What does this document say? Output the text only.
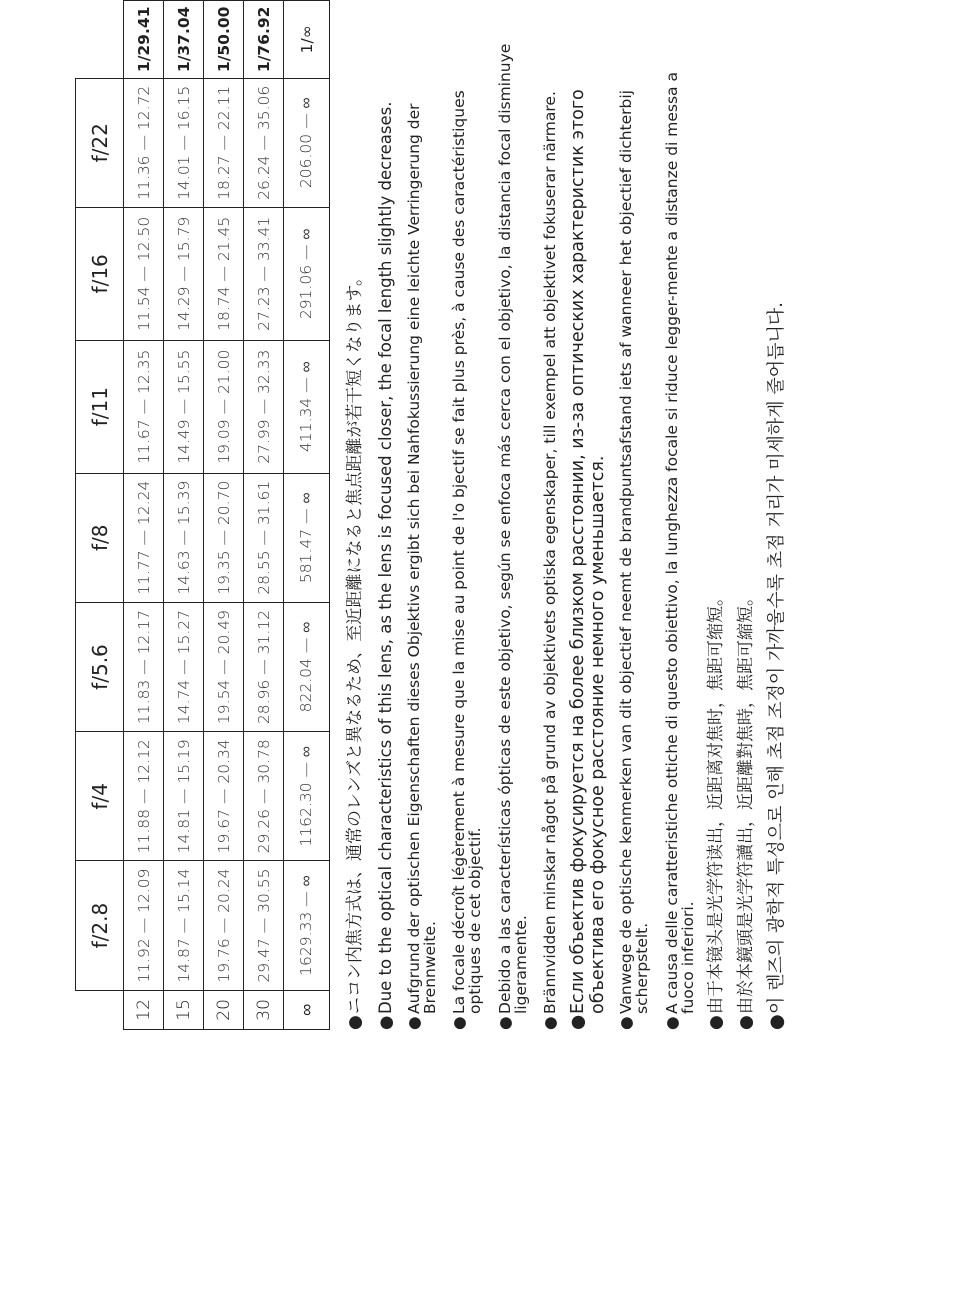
	f/2.8	f/4	f/5.6	f/8	f/11	f/16	f/22	
12	11.92 — 12.09	11.88 — 12.12	11.83 — 12.17	11.77 — 12.24	11.67 — 12.35	11.54 — 12.50	11.36 — 12.72	1/29.41
15	14.87 — 15.14	14.81 — 15.19	14.74 — 15.27	14.63 — 15.39	14.49 — 15.55	14.29 — 15.79	14.01 — 16.15	1/37.04
20	19.76 — 20.24	19.67 — 20.34	19.54 — 20.49	19.35 — 20.70	19.09 — 21.00	18.74 — 21.45	18.27 — 22.11	1/50.00
30	29.47 — 30.55	29.26 — 30.78	28.96 — 31.12	28.55 — 31.61	27.99 — 32.33	27.23 — 33.41	26.24 — 35.06	1/76.92
∞	1629.33 — ∞	1162.30 — ∞	822.04 — ∞	581.47 — ∞	411.34 — ∞	291.06 — ∞	206.00 — ∞	1/∞
●
ニコン内焦方式は、通常のレンズと異なるため、至近距離になると焦点距離が若干短くなります。
●
Due to the optical characteristics of this lens, as the lens is focused closer, the focal length slightly decreases.
●
Aufgrund der optischen Eigenschaften dieses Objektivs ergibt sich bei Nahfokussierung eine leichte Verringerung der Brennweite.
●
La focale décroît légèrement à mesure que la mise au point de l'o bjectif se fait plus près, à cause des caractéristiques optiques de cet objectif.
●
Debido a las características ópticas de este objetivo, según se enfoca más cerca con el objetivo, la distancia focal disminuye ligeramente.
●
Brännvidden minskar något på grund av objektivets optiska egenskaper, till exempel att objektivet fokuserar närmare.
●
Если объектив фокусируется на более близком расстоянии, из-за оптических характеристик этого объектива его фокусное расстояние немного уменьшается.
●
Vanwege de optische kenmerken van dit objectief neemt de brandpuntsafstand iets af wanneer het objectief dichterbij scherpstelt.
●
A causa delle caratteristiche ottiche di questo obiettivo, la lunghezza focale si riduce legger-mente a distanze di messa a fuoco inferiori.
●
由于本镜头是光学符读出，近距离对焦时，焦距可缩短。
●
由於本鏡頭是光学符讀出，近距離對焦時，焦距可縮短。
●
이 렌즈의 광학적 특성으로 인해 초점 조정이 가까울수록 초점 거리가 미세하게 줄어듭니다.
